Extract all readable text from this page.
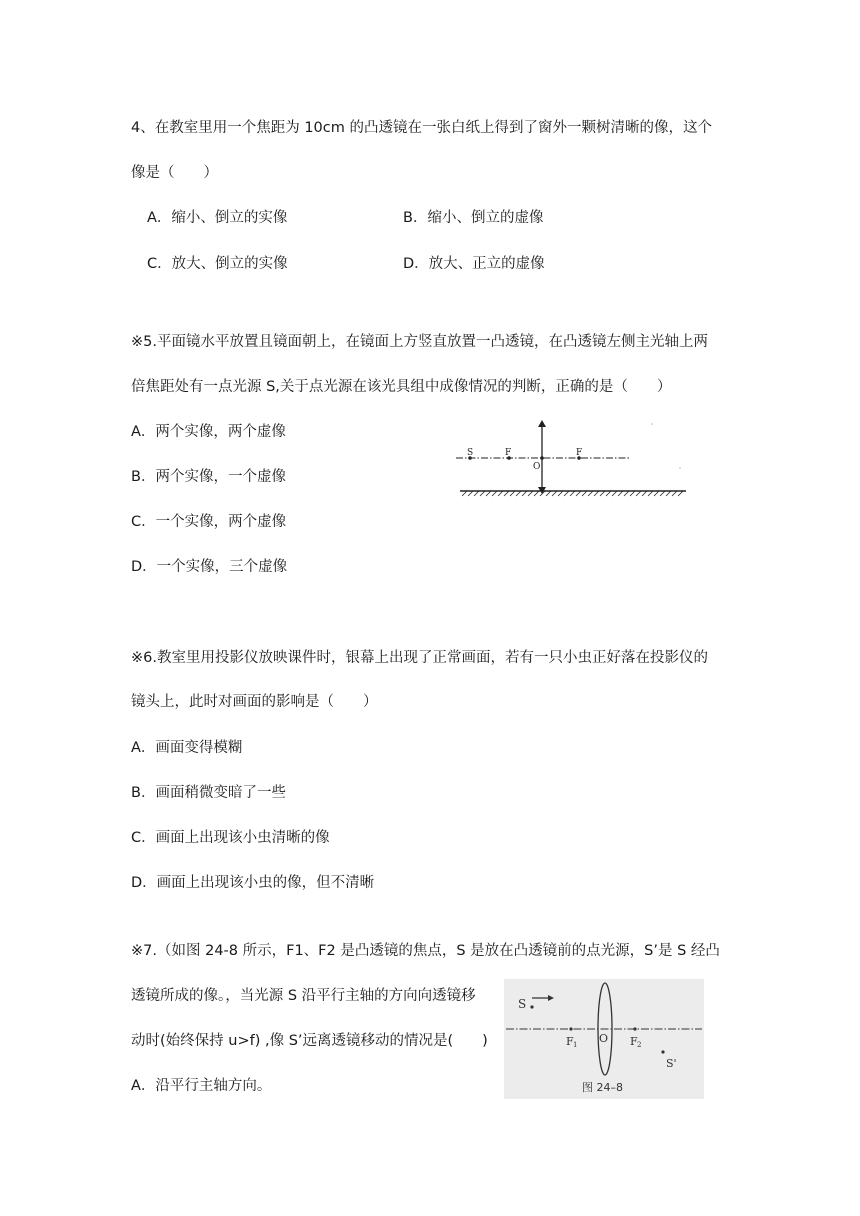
4、在教室里用一个焦距为 10cm 的凸透镜在一张白纸上得到了窗外一颗树清晰的像，这个
像是（　　）
A．缩小、倒立的实像	B．缩小、倒立的虚像
C．放大、倒立的实像	D．放大、正立的虚像
※5.平面镜水平放置且镜面朝上，在镜面上方竖直放置一凸透镜，在凸透镜左侧主光轴上两
倍焦距处有一点光源 S,关于点光源在该光具组中成像情况的判断，正确的是（　　）
A．两个实像，两个虚像
B．两个实像，一个虚像
C．一个实像，两个虚像
D．一个实像，三个虚像
S	F
O
F
※6.教室里用投影仪放映课件时，银幕上出现了正常画面，若有一只小虫正好落在投影仪的
镜头上，此时对画面的影响是（　　）
A．画面变得模糊
B．画面稍微变暗了一些
C．画面上出现该小虫清晰的像
D．画面上出现该小虫的像，但不清晰
※7.（如图 24-8 所示，F1、F2 是凸透镜的焦点，S 是放在凸透镜前的点光源，S’是 S 经凸
透镜所成的像。，当光源 S 沿平行主轴的方向向透镜移
动时(始终保持 u>f) ,像 S’远离透镜移动的情况是(　　)
A．沿平行主轴方向。
S
F 1 O F 2
S'
图 24–8
